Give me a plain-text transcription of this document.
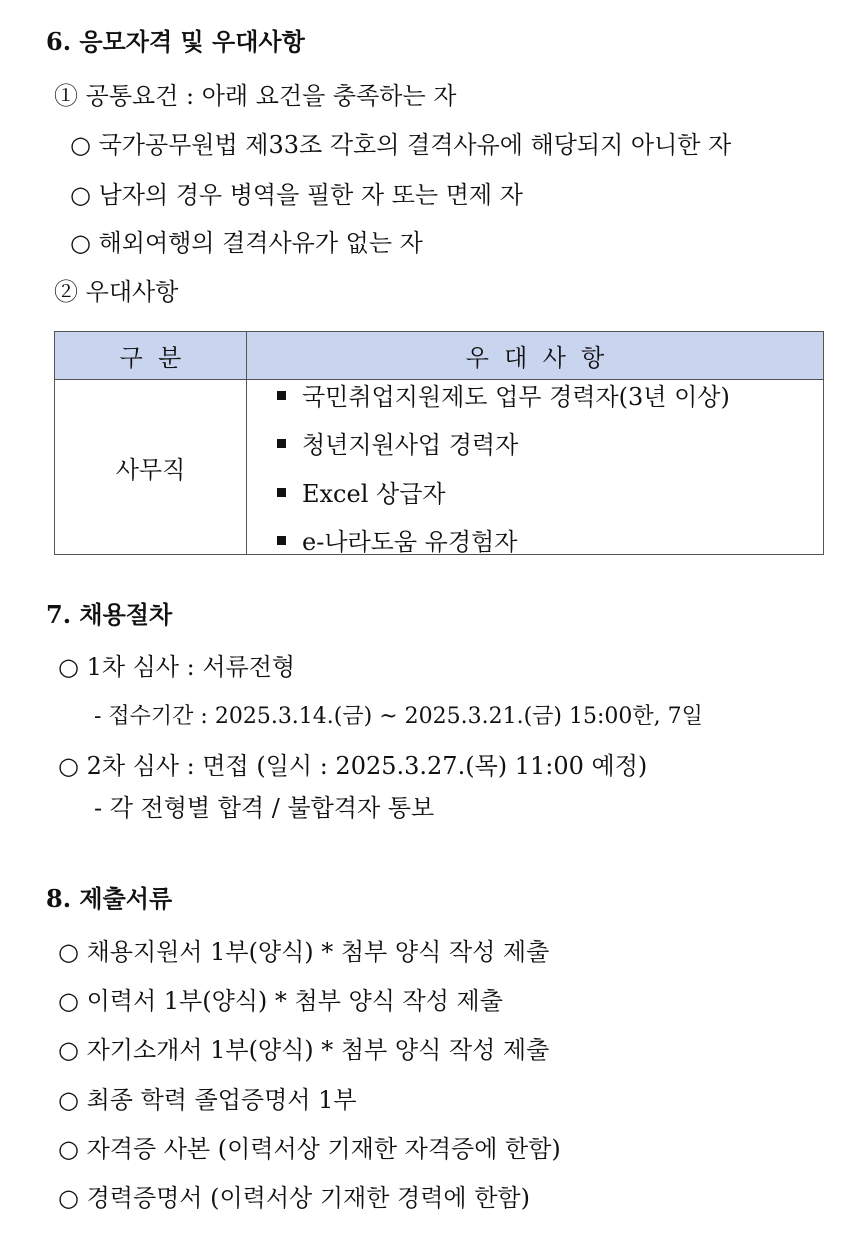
6. 응모자격 및 우대사항
① 공통요건 : 아래 요건을 충족하는 자
○ 국가공무원법 제33조 각호의 결격사유에 해당되지 아니한 자
○ 남자의 경우 병역을 필한 자 또는 면제 자
○ 해외여행의 결격사유가 없는 자
② 우대사항
구  분	우  대  사  항
사무직	국민취업지원제도 업무 경력자(3년 이상)
청년지원사업 경력자
Excel 상급자
e-나라도움 유경험자
7. 채용절차
○ 1차 심사 : 서류전형
- 접수기간 : 2025.3.14.(금) ~ 2025.3.21.(금) 15:00한, 7일
○ 2차 심사 : 면접 (일시 : 2025.3.27.(목) 11:00 예정)
- 각 전형별 합격 / 불합격자 통보
8. 제출서류
○ 채용지원서 1부(양식) * 첨부 양식 작성 제출
○ 이력서 1부(양식) * 첨부 양식 작성 제출
○ 자기소개서 1부(양식) * 첨부 양식 작성 제출
○ 최종 학력 졸업증명서 1부
○ 자격증 사본 (이력서상 기재한 자격증에 한함)
○ 경력증명서 (이력서상 기재한 경력에 한함)
